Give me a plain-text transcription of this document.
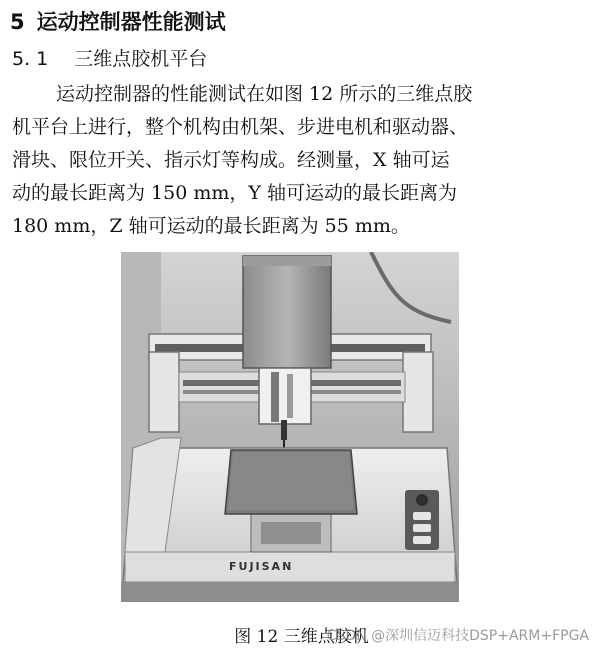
5 运动控制器性能测试
5. 1 三维点胶机平台
运动控制器的性能测试在如图 12 所示的三维点胶
机平台上进行，整个机构由机架、步进电机和驱动器、
滑块、限位开关、指示灯等构成。经测量，X 轴可运
动的最长距离为 150 mm，Y 轴可运动的最长距离为
180 mm，Z 轴可运动的最长距离为 55 mm。
FUJISAN
图 12 三维点胶机
CSDN @深圳信迈科技DSP+ARM+FPGA
